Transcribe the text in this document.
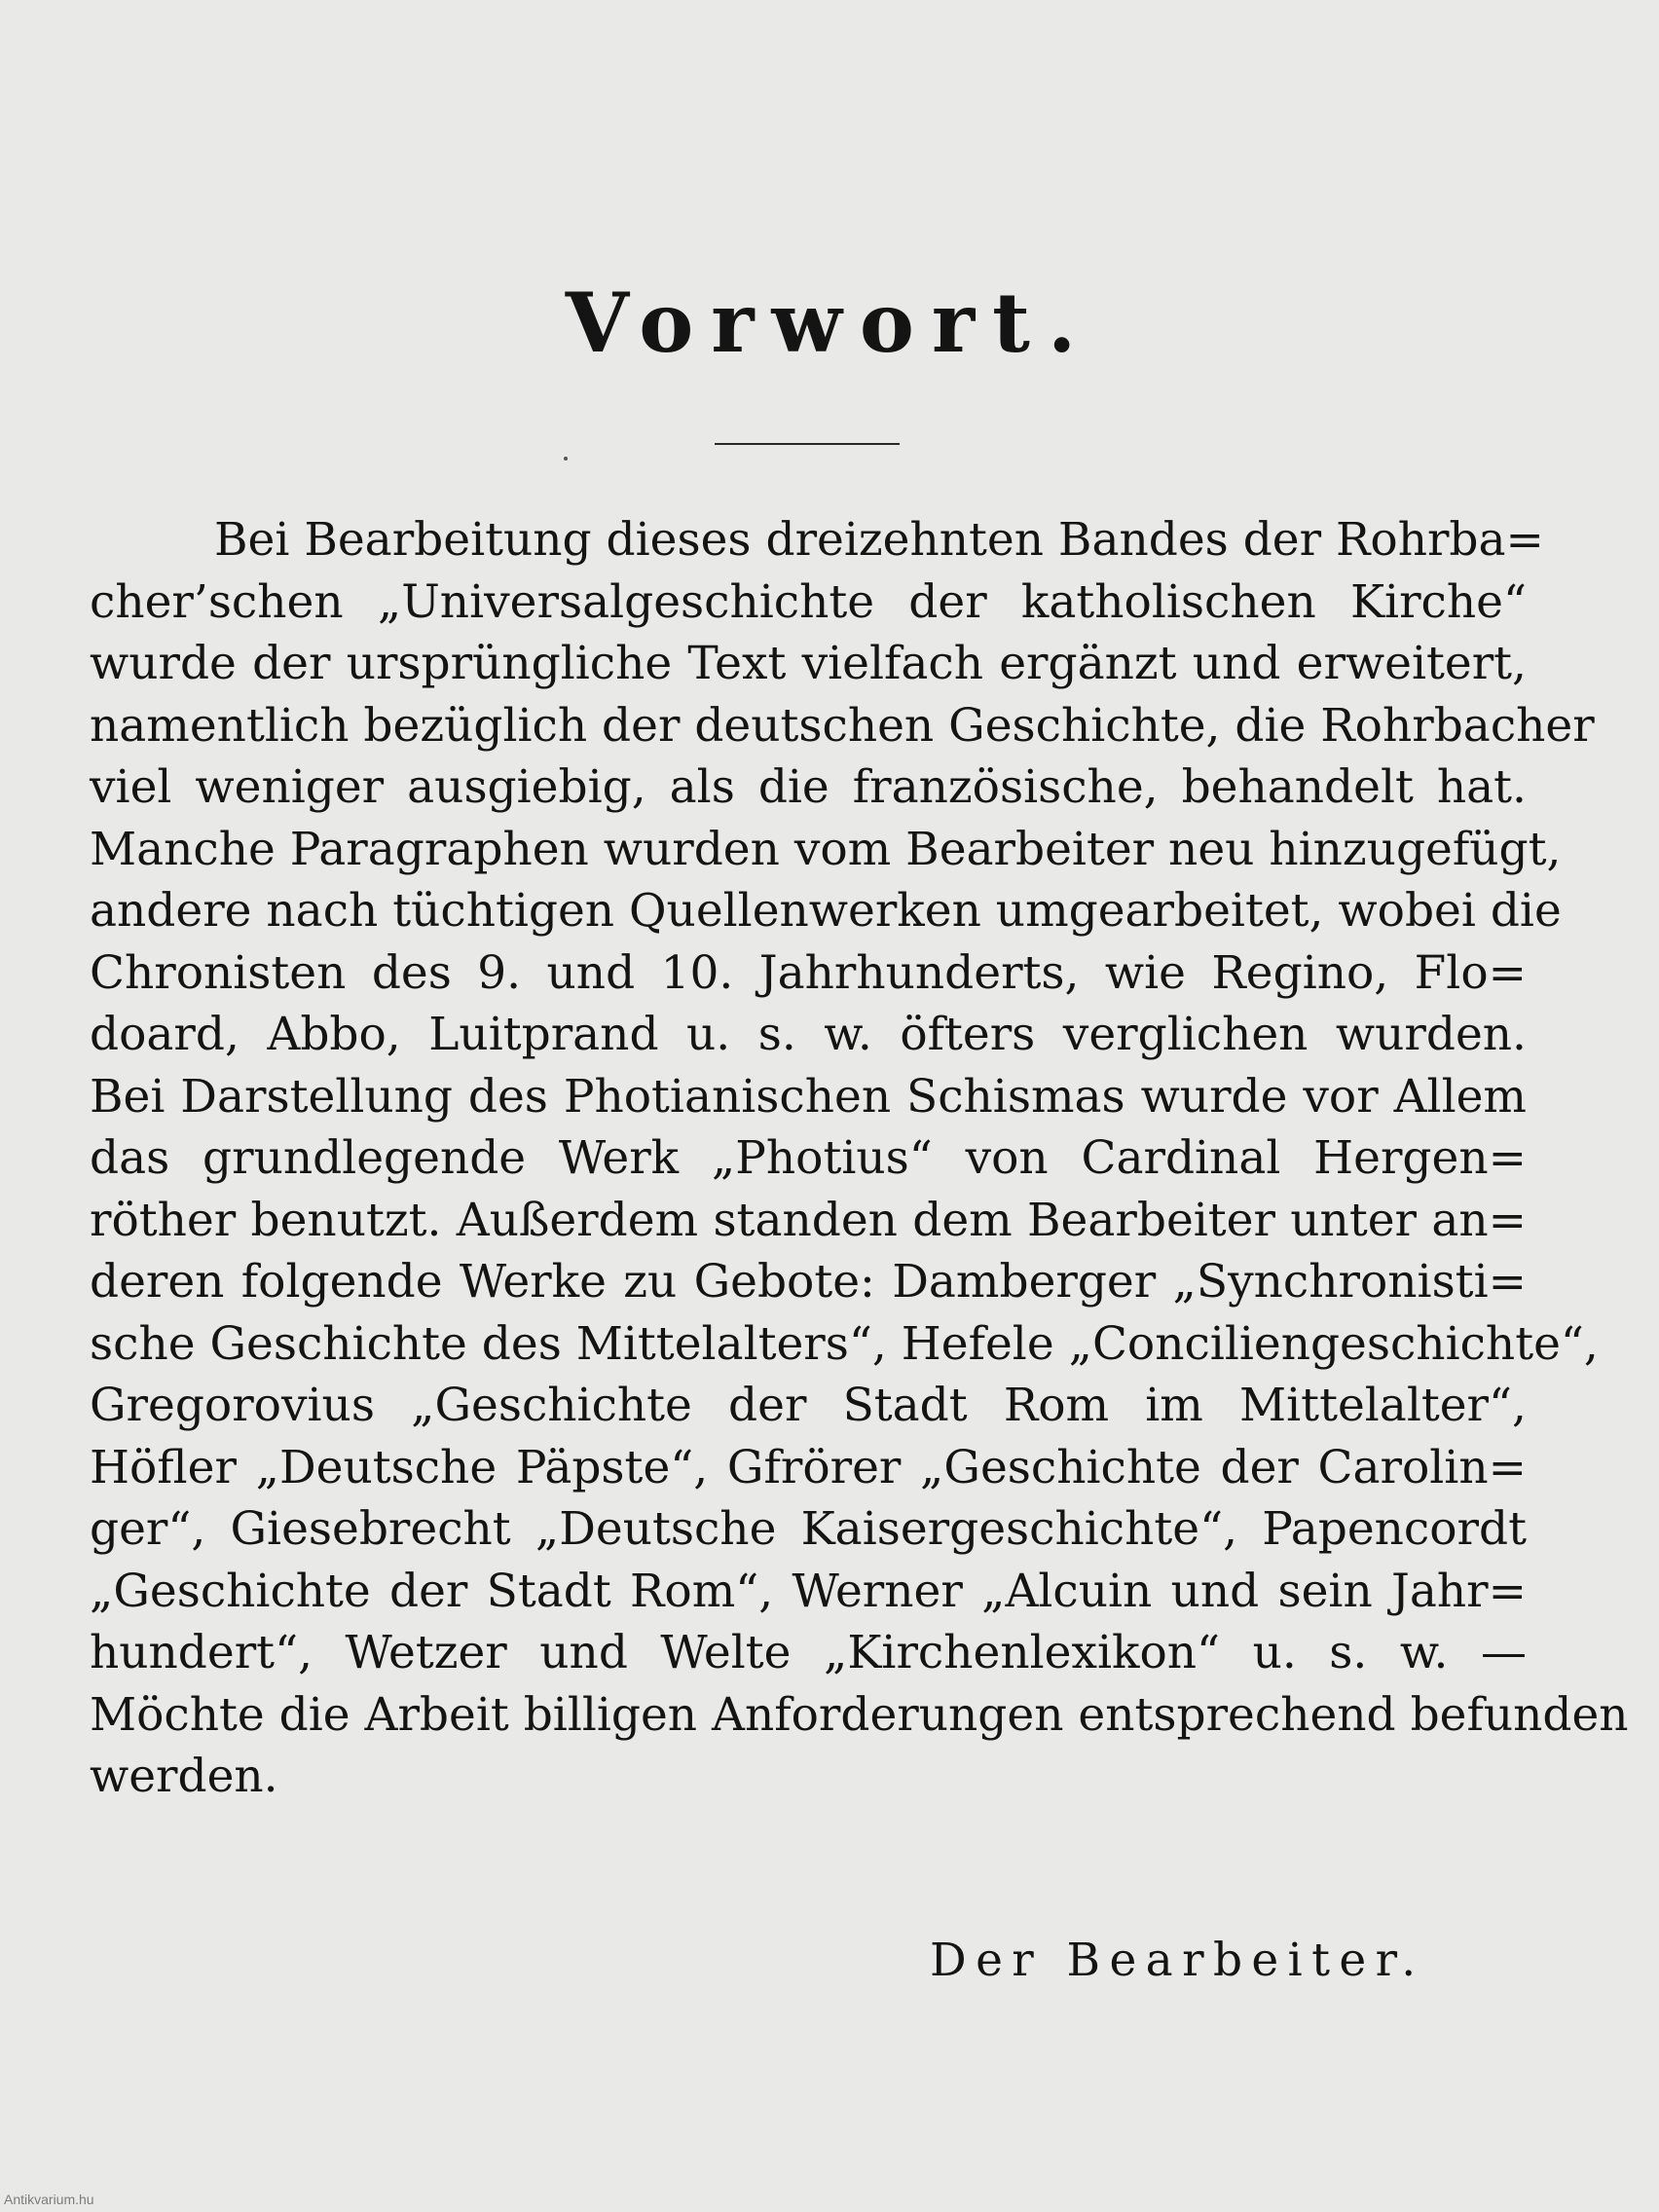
Vorwort.
Bei Bearbeitung dieses dreizehnten Bandes der Rohrba=
cher’schen „Universalgeschichte der katholischen Kirche“
wurde der ursprüngliche Text vielfach ergänzt und erweitert,
namentlich bezüglich der deutschen Geschichte, die Rohrbacher
viel weniger ausgiebig, als die französische, behandelt hat.
Manche Paragraphen wurden vom Bearbeiter neu hinzugefügt,
andere nach tüchtigen Quellenwerken umgearbeitet, wobei die
Chronisten des 9. und 10. Jahrhunderts, wie Regino, Flo=
doard, Abbo, Luitprand u. s. w. öfters verglichen wurden.
Bei Darstellung des Photianischen Schismas wurde vor Allem
das grundlegende Werk „Photius“ von Cardinal Hergen=
röther benutzt. Außerdem standen dem Bearbeiter unter an=
deren folgende Werke zu Gebote: Damberger „Synchronisti=
sche Geschichte des Mittelalters“, Hefele „Conciliengeschichte“,
Gregorovius „Geschichte der Stadt Rom im Mittelalter“,
Höfler „Deutsche Päpste“, Gfrörer „Geschichte der Carolin=
ger“, Giesebrecht „Deutsche Kaisergeschichte“, Papencordt
„Geschichte der Stadt Rom“, Werner „Alcuin und sein Jahr=
hundert“, Wetzer und Welte „Kirchenlexikon“ u. s. w. —
Möchte die Arbeit billigen Anforderungen entsprechend befunden
werden.
Der Bearbeiter.
Antikvarium.hu
